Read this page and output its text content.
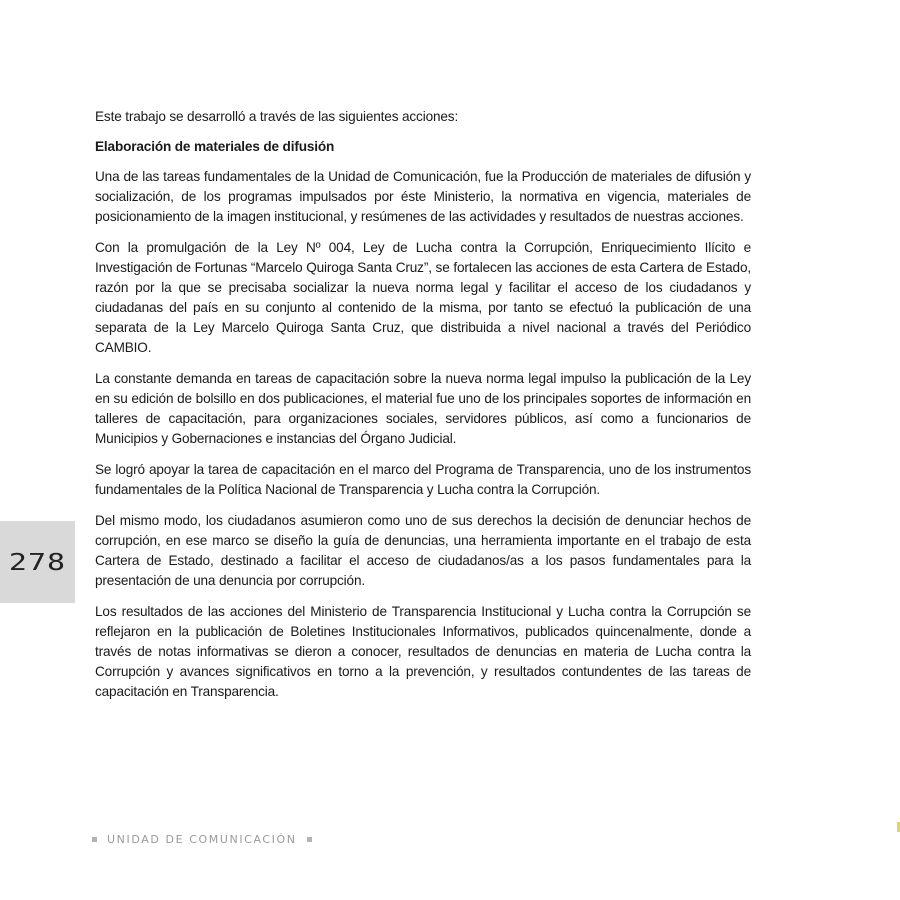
Este trabajo se desarrolló a través de las siguientes acciones:

Elaboración de materiales de difusión

Una de las tareas fundamentales de la Unidad de Comunicación, fue la Producción de materiales de difusión y socialización, de los programas impulsados por éste Ministerio, la normativa en vigencia, materiales de posicionamiento de la imagen institucional, y resúmenes de las actividades y resultados de nuestras acciones.

Con la promulgación de la Ley Nº 004, Ley de Lucha contra la Corrupción, Enriquecimiento Ilícito e Investigación de Fortunas “Marcelo Quiroga Santa Cruz”, se fortalecen las acciones de esta Cartera de Estado, razón por la que se precisaba socializar la nueva norma legal y facilitar el acceso de los ciudadanos y ciudadanas del país en su conjunto al contenido de la misma, por tanto se efectuó la publicación de una separata de la Ley Marcelo Quiroga Santa Cruz, que distribuida a nivel nacional a través del Periódico CAMBIO.

La constante demanda en tareas de capacitación sobre la nueva norma legal impulso la publicación de la Ley en su edición de bolsillo en dos publicaciones, el material fue uno de los principales soportes de información en talleres de capacitación, para organizaciones sociales, servidores públicos, así como a funcionarios de Municipios y Gobernaciones e instancias del Órgano Judicial.

Se logró apoyar la tarea de capacitación en el marco del Programa de Transparencia, uno de los instrumentos fundamentales de la Política Nacional de Transparencia y Lucha contra la Corrupción.

Del mismo modo, los ciudadanos asumieron como uno de sus derechos la decisión de denunciar hechos de corrupción, en ese marco se diseño la guía de denuncias, una herramienta importante en el trabajo de esta Cartera de Estado, destinado a facilitar el acceso de ciudadanos/as a los pasos fundamentales para la presentación de una denuncia por corrupción.

Los resultados de las acciones del Ministerio de Transparencia Institucional y Lucha contra la Corrupción se reflejaron en la publicación de Boletines Institucionales Informativos, publicados quincenalmente, donde a través de notas informativas se dieron a conocer, resultados de denuncias en materia de Lucha contra la Corrupción y avances significativos en torno a la prevención, y resultados contundentes de las tareas de capacitación en Transparencia.

278
UNIDAD DE COMUNICACIÓN
